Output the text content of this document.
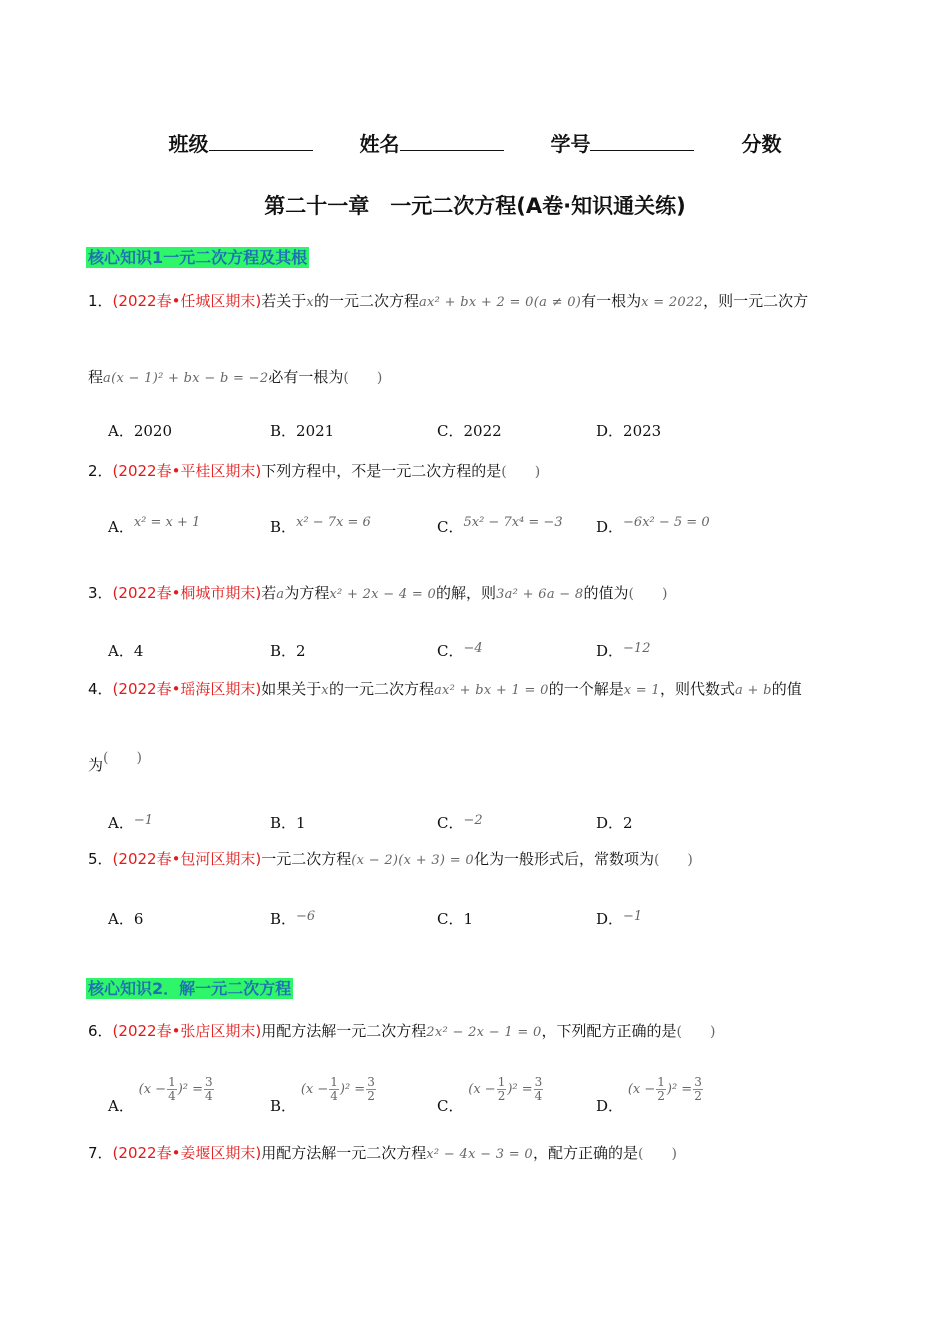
班级	姓名	学号	分数
第二十一章　一元二次方程(A卷·知识通关练)
核心知识1一元二次方程及其根
1．(2022春•任城区期末)若关于x的一元二次方程ax² + bx + 2 = 0(a ≠ 0)有一根为x = 2022，则一元二次方
程a(x − 1)² + bx − b = −2必有一根为(　　)
A．2020	B．2021	C．2022	D．2023
2．(2022春•平桂区期末)下列方程中，不是一元二次方程的是(　　)
A．x² = x + 1	B．x² − 7x = 6	C．5x² − 7x⁴ = −3 D．−6x² − 5 = 0
3．(2022春•桐城市期末)若a为方程x² + 2x − 4 = 0的解，则3a² + 6a − 8的值为(　　)
A．4	B．2	C．−4	D．−12
4．(2022春•瑶海区期末)如果关于x的一元二次方程ax² + bx + 1 = 0的一个解是x = 1，则代数式a + b的值
为(　　)
A．−1	B．1	C．−2	D．2
5．(2022春•包河区期末)一元二次方程(x − 2)(x + 3) = 0化为一般形式后，常数项为(　　)
A．6	B．−6	C．1	D．−1
核心知识2．解一元二次方程
6．(2022春•张店区期末)用配方法解一元二次方程2x² − 2x − 1 = 0，下列配方正确的是(　　)
A． $(x - \frac{1}{4} )^2 = \frac{3}{4}$
B． $(x - \frac{1}{4} )^2 = \frac{3}{2}$
C． $(x - \frac{1}{2} )^2 = \frac{3}{4}$
D． $(x - \frac{1}{2} )^2 = \frac{3}{2}$
7．(2022春•姜堰区期末)用配方法解一元二次方程x² − 4x − 3 = 0，配方正确的是(　　)
